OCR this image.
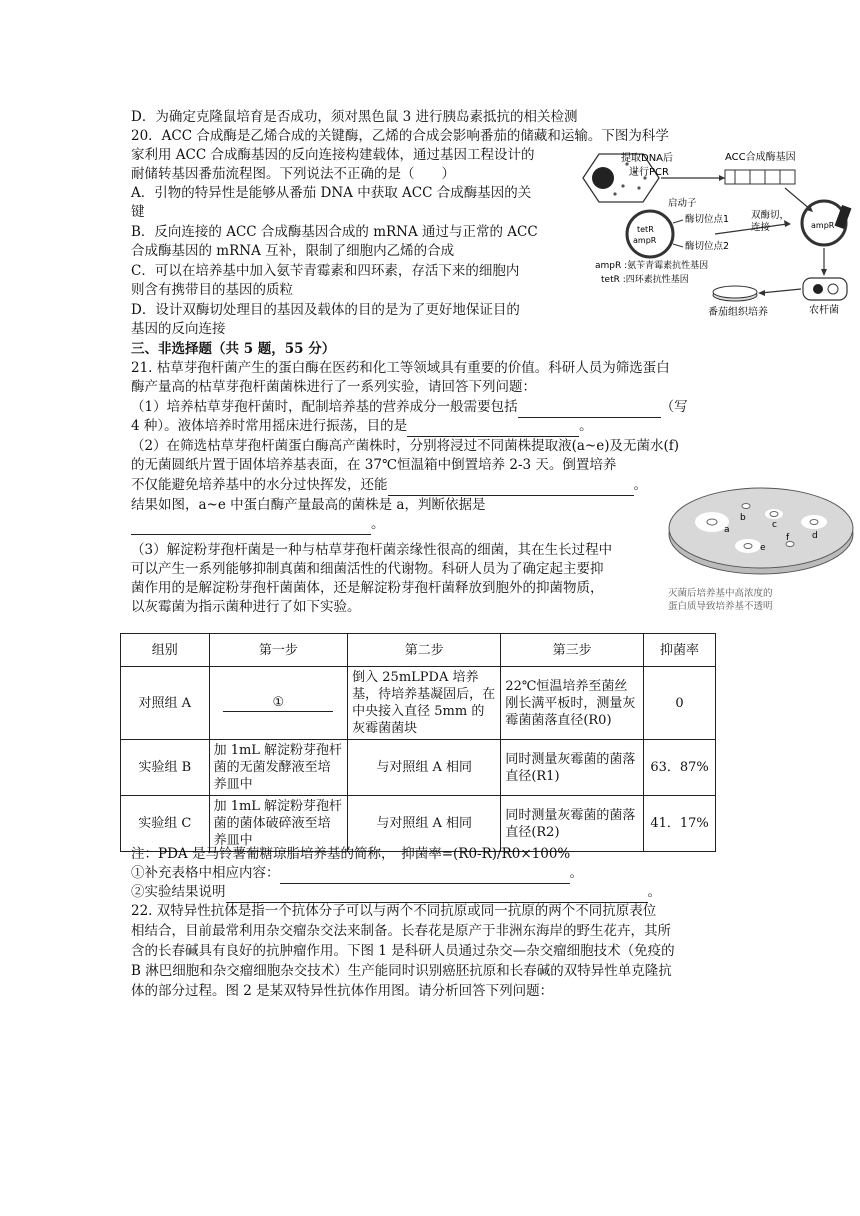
D．为确定克隆鼠培育是否成功，须对黑色鼠 3 进行胰岛素抵抗的相关检测

20．ACC 合成酶是乙烯合成的关键酶，乙烯的合成会影响番茄的储藏和运输。下图为科学

家利用 ACC 合成酶基因的反向连接构建载体，通过基因工程设计的

耐储转基因番茄流程图。下列说法不正确的是（　　）

A．引物的特异性是能够从番茄 DNA 中获取 ACC 合成酶基因的关

键

B．反向连接的 ACC 合成酶基因合成的 mRNA 通过与正常的 ACC

合成酶基因的 mRNA 互补，限制了细胞内乙烯的合成

C．可以在培养基中加入氨苄青霉素和四环素，存活下来的细胞内

则含有携带目的基因的质粒

D．设计双酶切处理目的基因及载体的目的是为了更好地保证目的

基因的反向连接

提取DNA后
进行PCR
ACC合成酶基因
启动子
酶切位点1
酶切位点2
tetR
ampR
双酶切，
连接	ampR
农杆菌
番茄组织培养
ampR :氨苄青霉素抗性基因
tetR :四环素抗性基因

三、非选择题（共 5 题，55 分）

21. 枯草芽孢杆菌产生的蛋白酶在医药和化工等领域具有重要的价值。科研人员为筛选蛋白

酶产量高的枯草芽孢杆菌菌株进行了一系列实验，请回答下列问题：

（1）培养枯草芽孢杆菌时，配制培养基的营养成分一般需要包括	（写

4 种）。液体培养时常用摇床进行振荡，目的是	。

（2）在筛选枯草芽孢杆菌蛋白酶高产菌株时，分别将浸过不同菌株提取液(a~e)及无菌水(f)

的无菌圆纸片置于固体培养基表面，在 37℃恒温箱中倒置培养 2-3 天。倒置培养

不仅能避免培养基中的水分过快挥发，还能	。

结果如图，a~e 中蛋白酶产量最高的菌株是 a，判断依据是

。

（3）解淀粉芽孢杆菌是一种与枯草芽孢杆菌亲缘性很高的细菌，其在生长过程中

可以产生一系列能够抑制真菌和细菌活性的代谢物。科研人员为了确定起主要抑

菌作用的是解淀粉芽孢杆菌菌体，还是解淀粉芽孢杆菌释放到胞外的抑菌物质，

以灰霉菌为指示菌种进行了如下实验。

a
b
c
d
e
f
灭菌后培养基中高浓度的
蛋白质导致培养基不透明
组别	第一步	第二步	第三步	抑菌率
对照组 A	①	倒入 25mLPDA 培养基，待培养基凝固后，在中央接入直径 5mm 的灰霉菌菌块	22℃恒温培养至菌丝刚长满平板时，测量灰霉菌菌落直径(R0)	0
实验组 B	加 1mL 解淀粉芽孢杆菌的无菌发酵液至培养皿中	与对照组 A 相同	同时测量灰霉菌的菌落直径(R1)	63．87%
实验组 C	加 1mL 解淀粉芽孢杆菌的菌体破碎液至培养皿中	与对照组 A 相同	同时测量灰霉菌的菌落直径(R2)	41．17%

注：PDA 是马铃薯葡糖琼脂培养基的简称，　抑菌率=(R0-R)/R0×100%

①补充表格中相应内容：	。

②实验结果说明	。

22. 双特异性抗体是指一个抗体分子可以与两个不同抗原或同一抗原的两个不同抗原表位

相结合，目前最常利用杂交瘤杂交法来制备。长春花是原产于非洲东海岸的野生花卉，其所

含的长春碱具有良好的抗肿瘤作用。下图 1 是科研人员通过杂交—杂交瘤细胞技术（免疫的

B 淋巴细胞和杂交瘤细胞杂交技术）生产能同时识别癌胚抗原和长春碱的双特异性单克隆抗

体的部分过程。图 2 是某双特异性抗体作用图。请分析回答下列问题：
